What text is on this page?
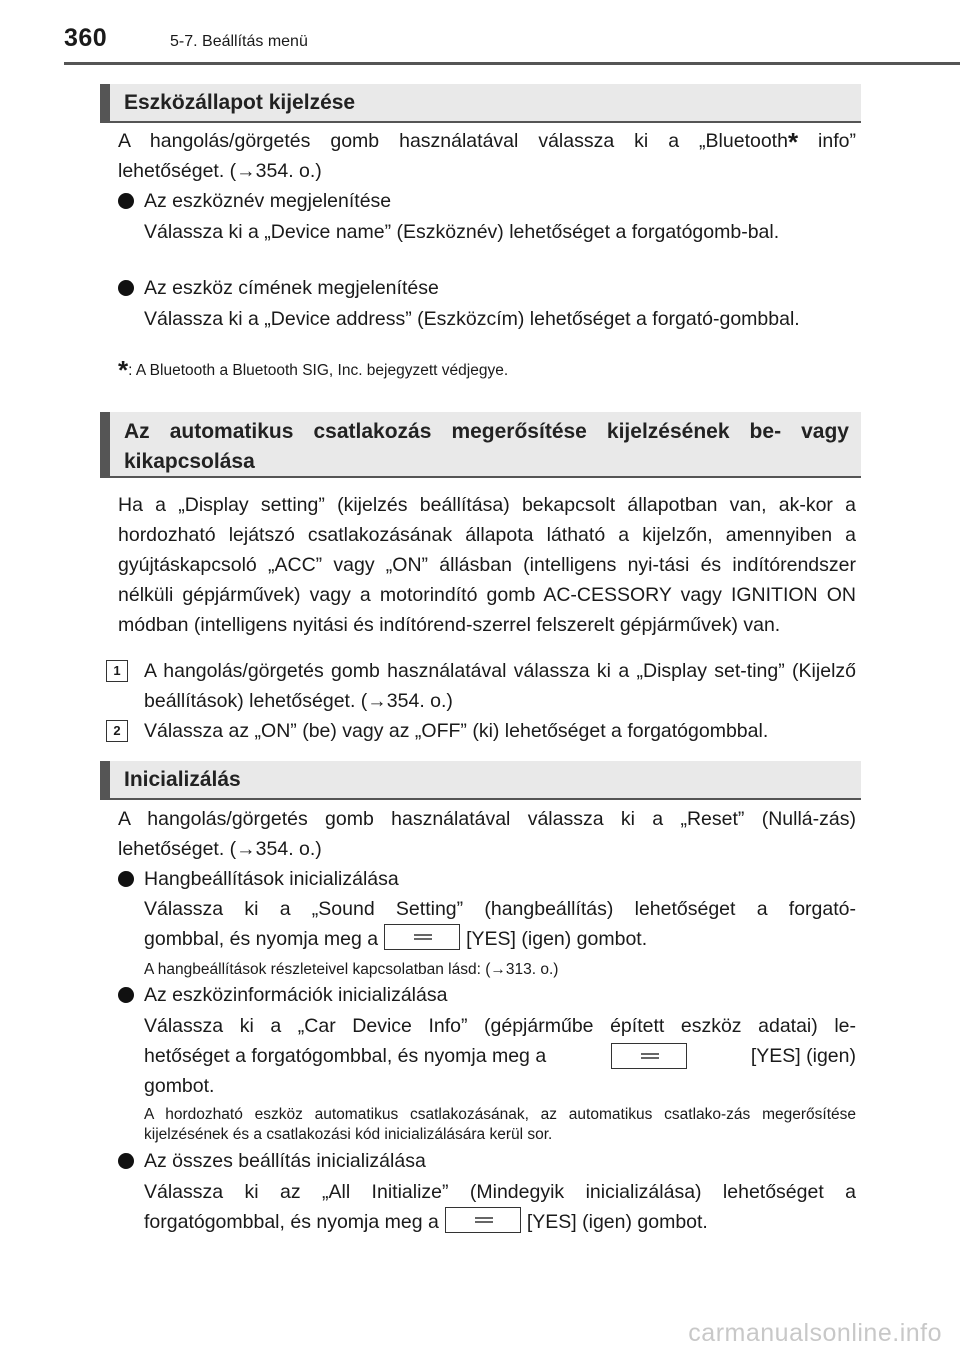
360	5-7. Beállítás menü
Eszközállapot kijelzése
A hangolás/görgetés gomb használatával válassza ki a „Bluetooth* info”
lehetőséget. (→354. o.)
Az eszköznév megjelenítése

Válassza ki a „Device name” (Eszköznév) lehetőséget a forgatógomb-bal.

Az eszköz címének megjelenítése

Válassza ki a „Device address” (Eszközcím) lehetőséget a forgató-gombbal.

*: A Bluetooth a Bluetooth SIG, Inc. bejegyzett védjegye.
Az automatikus csatlakozás megerősítése kijelzésének be- vagy kikapcsolása

Ha a „Display setting” (kijelzés beállítása) bekapcsolt állapotban van, ak-kor a hordozható lejátszó csatlakozásának állapota látható a kijelzőn, amennyiben a gyújtáskapcsoló „ACC” vagy „ON” állásban (intelligens nyi-tási és indítórendszer nélküli gépjárművek) vagy a motorindító gomb AC-CESSORY vagy IGNITION ON módban (intelligens nyitási és indítórend-szerrel felszerelt gépjárművek) van.

1	A hangolás/görgetés gomb használatával válassza ki a „Display set-ting” (Kijelző beállítások) lehetőséget. (→354. o.)

2	Válassza az „ON” (be) vagy az „OFF” (ki) lehetőséget a forgatógombbal.

Inicializálás

A hangolás/görgetés gomb használatával válassza ki a „Reset” (Nullá-zás) lehetőséget. (→354. o.)

Hangbeállítások inicializálása
Válassza ki a „Sound Setting” (hangbeállítás) lehetőséget a forgató-
gombbal, és nyomja meg a	[YES] (igen) gombot.

A hangbeállítások részleteivel kapcsolatban lásd: (→313. o.)

Az eszközinformációk inicializálása
Válassza ki a „Car Device Info” (gépjárműbe épített eszköz adatai) le-
hetőséget a forgatógombbal, és nyomja meg a	[YES] (igen)
gombot.

A hordozható eszköz automatikus csatlakozásának, az automatikus csatlako-zás megerősítése kijelzésének és a csatlakozási kód inicializálására kerül sor.

Az összes beállítás inicializálása
Válassza ki az „All Initialize” (Mindegyik inicializálása) lehetőséget a
forgatógombbal, és nyomja meg a	[YES] (igen) gombot.
carmanualsonline.info
